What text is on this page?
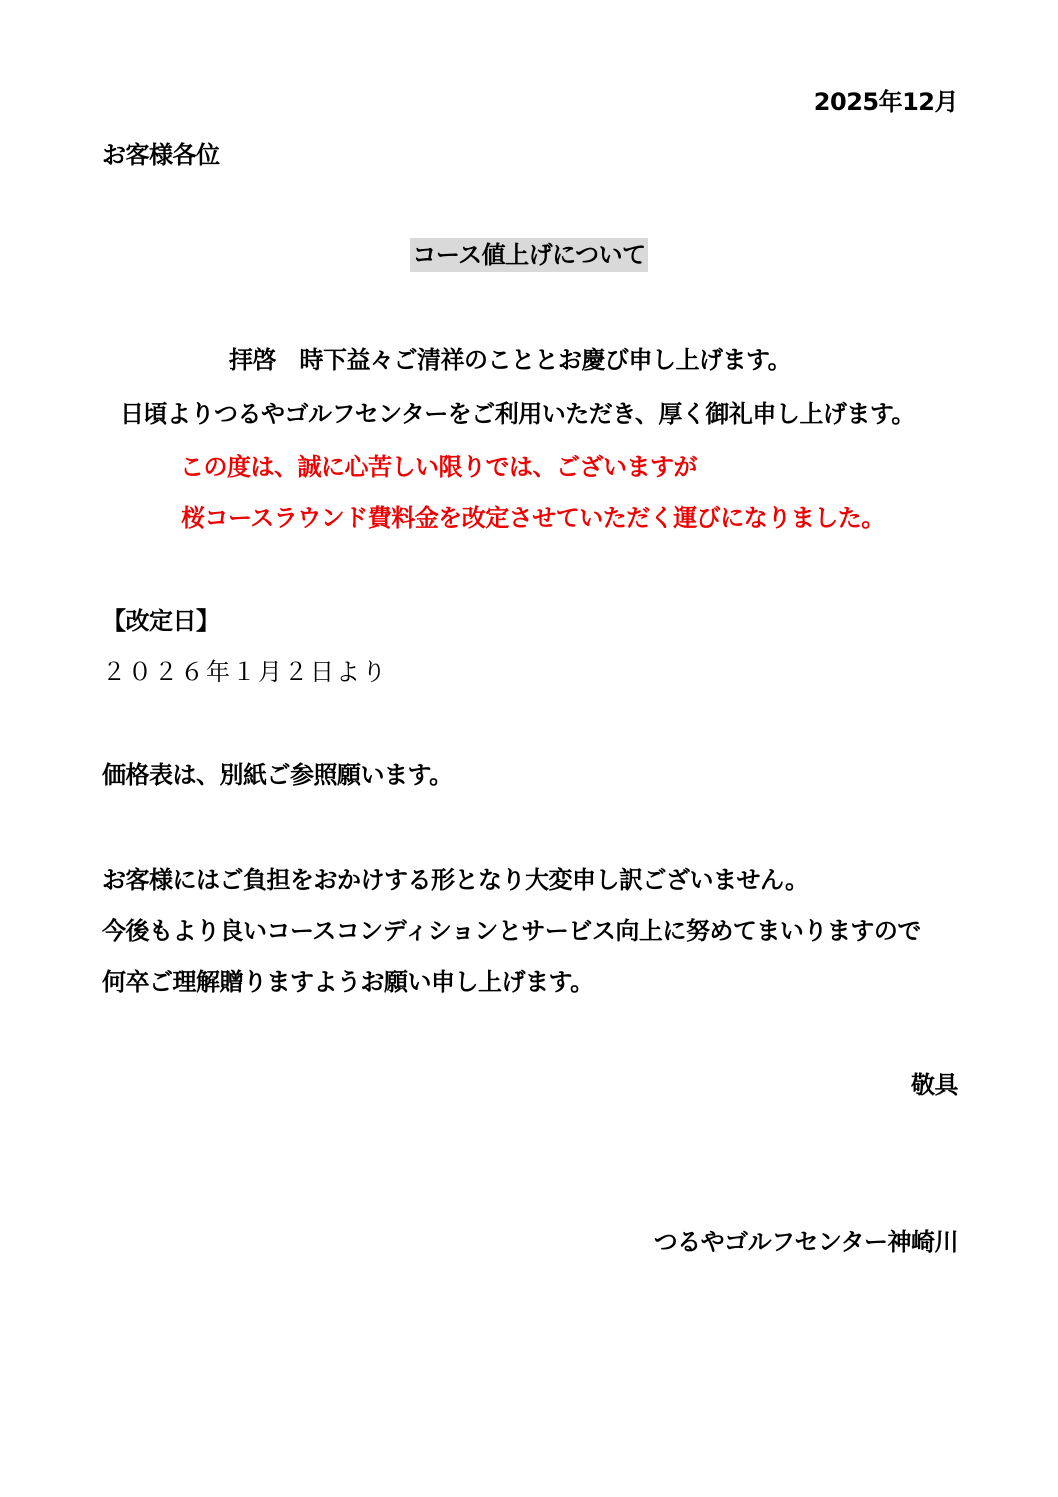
2025年12月
お客様各位
コース値上げについて
拝啓　時下益々ご清祥のこととお慶び申し上げます。
日頃よりつるやゴルフセンターをご利用いただき、厚く御礼申し上げます。
この度は、誠に心苦しい限りでは、ございますが
桜コースラウンド費料金を改定させていただく運びになりました。
【改定日】
２０２６年１月２日より
価格表は、別紙ご参照願います。
お客様にはご負担をおかけする形となり大変申し訳ございません。
今後もより良いコースコンディションとサービス向上に努めてまいりますので
何卒ご理解贈りますようお願い申し上げます。
敬具
つるやゴルフセンター神崎川
